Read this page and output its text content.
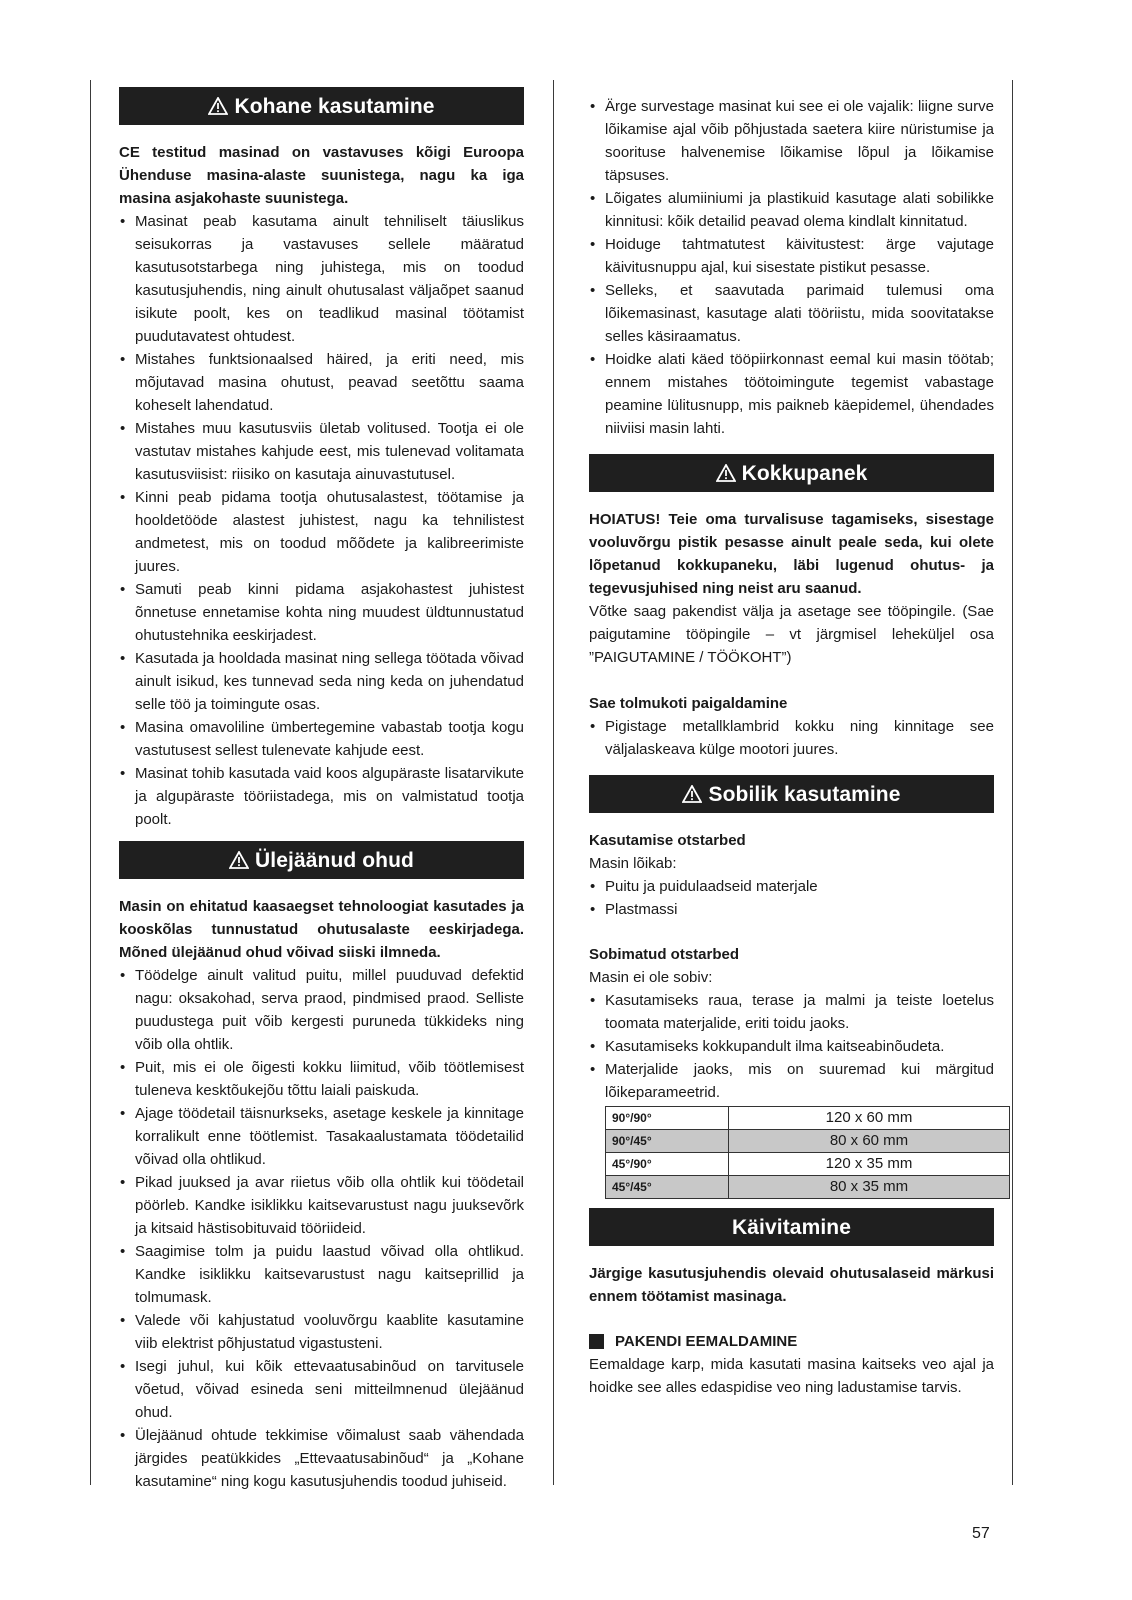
Kohane kasutamine

CE testitud masinad on vastavuses kõigi Euroopa Ühenduse masina-alaste suunistega, nagu ka iga masina asjakohaste suunistega.

• Masinat peab kasutama ainult tehniliselt täiuslikus seisukorras ja vastavuses sellele määratud kasutusotstarbega ning juhistega, mis on toodud kasutusjuhendis, ning ainult ohutusalast väljaõpet saanud isikute poolt, kes on teadlikud masinal töötamist puudutavatest ohtudest.
• Mistahes funktsionaalsed häired, ja eriti need, mis mõjutavad masina ohutust, peavad seetõttu saama koheselt lahendatud.
• Mistahes muu kasutusviis ületab volitused. Tootja ei ole vastutav mistahes kahjude eest, mis tulenevad volitamata kasutusviisist: riisiko on kasutaja ainuvastutusel.
• Kinni peab pidama tootja ohutusalastest, töötamise ja hooldetööde alastest juhistest, nagu ka tehnilistest andmetest, mis on toodud mõõdete ja kalibreerimiste juures.
• Samuti peab kinni pidama asjakohastest juhistest õnnetuse ennetamise kohta ning muudest üldtunnustatud ohutustehnika eeskirjadest.
• Kasutada ja hooldada masinat ning sellega töötada võivad ainult isikud, kes tunnevad seda ning keda on juhendatud selle töö ja toimingute osas.
• Masina omavoliline ümbertegemine vabastab tootja kogu vastutusest sellest tulenevate kahjude eest.
• Masinat tohib kasutada vaid koos algupäraste lisatarvikute ja algupäraste tööriistadega, mis on valmistatud tootja poolt.
Ülejäänud ohud

Masin on ehitatud kaasaegset tehnoloogiat kasutades ja kooskõlas tunnustatud ohutusalaste eeskirjadega. Mõned ülejäänud ohud võivad siiski ilmneda.

• Töödelge ainult valitud puitu, millel puuduvad defektid nagu: oksakohad, serva praod, pindmised praod. Selliste puudustega puit võib kergesti puruneda tükkideks ning võib olla ohtlik.
• Puit, mis ei ole õigesti kokku liimitud, võib töötlemisest tuleneva kesktõukejõu tõttu laiali paiskuda.
• Ajage töödetail täisnurkseks, asetage keskele ja kinnitage korralikult enne töötlemist. Tasakaalustamata töödetailid võivad olla ohtlikud.
• Pikad juuksed ja avar riietus võib olla ohtlik kui töödetail pöörleb. Kandke isiklikku kaitsevarustust nagu juuksevõrk ja kitsaid hästisobituvaid tööriideid.
• Saagimise tolm ja puidu laastud võivad olla ohtlikud. Kandke isiklikku kaitsevarustust nagu kaitseprillid ja tolmumask.
• Valede või kahjustatud vooluvõrgu kaablite kasutamine viib elektrist põhjustatud vigastusteni.
• Isegi juhul, kui kõik ettevaatusabinõud on tarvitusele võetud, võivad esineda seni mitteilmnenud ülejäänud ohud.
• Ülejäänud ohtude tekkimise võimalust saab vähendada järgides peatükkides „Ettevaatusabinõud“ ja „Kohane kasutamine“ ning kogu kasutusjuhendis toodud juhiseid.
• Ärge survestage masinat kui see ei ole vajalik: liigne surve lõikamise ajal võib põhjustada saetera kiire nüristumise ja soorituse halvenemise lõikamise lõpul ja lõikamise täpsuses.
• Lõigates alumiiniumi ja plastikuid kasutage alati sobilikke kinnitusi: kõik detailid peavad olema kindlalt kinnitatud.
• Hoiduge tahtmatutest käivitustest: ärge vajutage käivitusnuppu ajal, kui sisestate pistikut pesasse.
• Selleks, et saavutada parimaid tulemusi oma lõikemasinast, kasutage alati tööriistu, mida soovitatakse selles käsiraamatus.
• Hoidke alati käed tööpiirkonnast eemal kui masin töötab; ennem mistahes töötoimingute tegemist vabastage peamine lülitusnupp, mis paikneb käepidemel, ühendades niiviisi masin lahti.
Kokkupanek

HOIATUS! Teie oma turvalisuse tagamiseks, sisestage vooluvõrgu pistik pesasse ainult peale seda, kui olete lõpetanud kokkupaneku, läbi lugenud ohutus- ja tegevusjuhised ning neist aru saanud.

Võtke saag pakendist välja ja asetage see tööpingile. (Sae paigutamine tööpingile – vt järgmisel leheküljel osa ”PAIGUTAMINE / TÖÖKOHT”)

Sae tolmukoti paigaldamine

• Pigistage metallklambrid kokku ning kinnitage see väljalaskeava külge mootori juures.
Sobilik kasutamine

Kasutamise otstarbed

Masin lõikab:

• Puitu ja puidulaadseid materjale
• Plastmassi

Sobimatud otstarbed

Masin ei ole sobiv:

• Kasutamiseks raua, terase ja malmi ja teiste loetelus toomata materjalide, eriti toidu jaoks.
• Kasutamiseks kokkupandult ilma kaitseabinõudeta.
• Materjalide jaoks, mis on suuremad kui märgitud lõikeparameetrid.
90°/90°	120 x 60 mm
90°/45°	80 x 60 mm
45°/90°	120 x 35 mm
45°/45°	80 x 35 mm
Käivitamine

Järgige kasutusjuhendis olevaid ohutusalaseid märkusi ennem töötamist masinaga.

PAKENDI EEMALDAMINE

Eemaldage karp, mida kasutati masina kaitseks veo ajal ja hoidke see alles edaspidise veo ning ladustamise tarvis.

57
